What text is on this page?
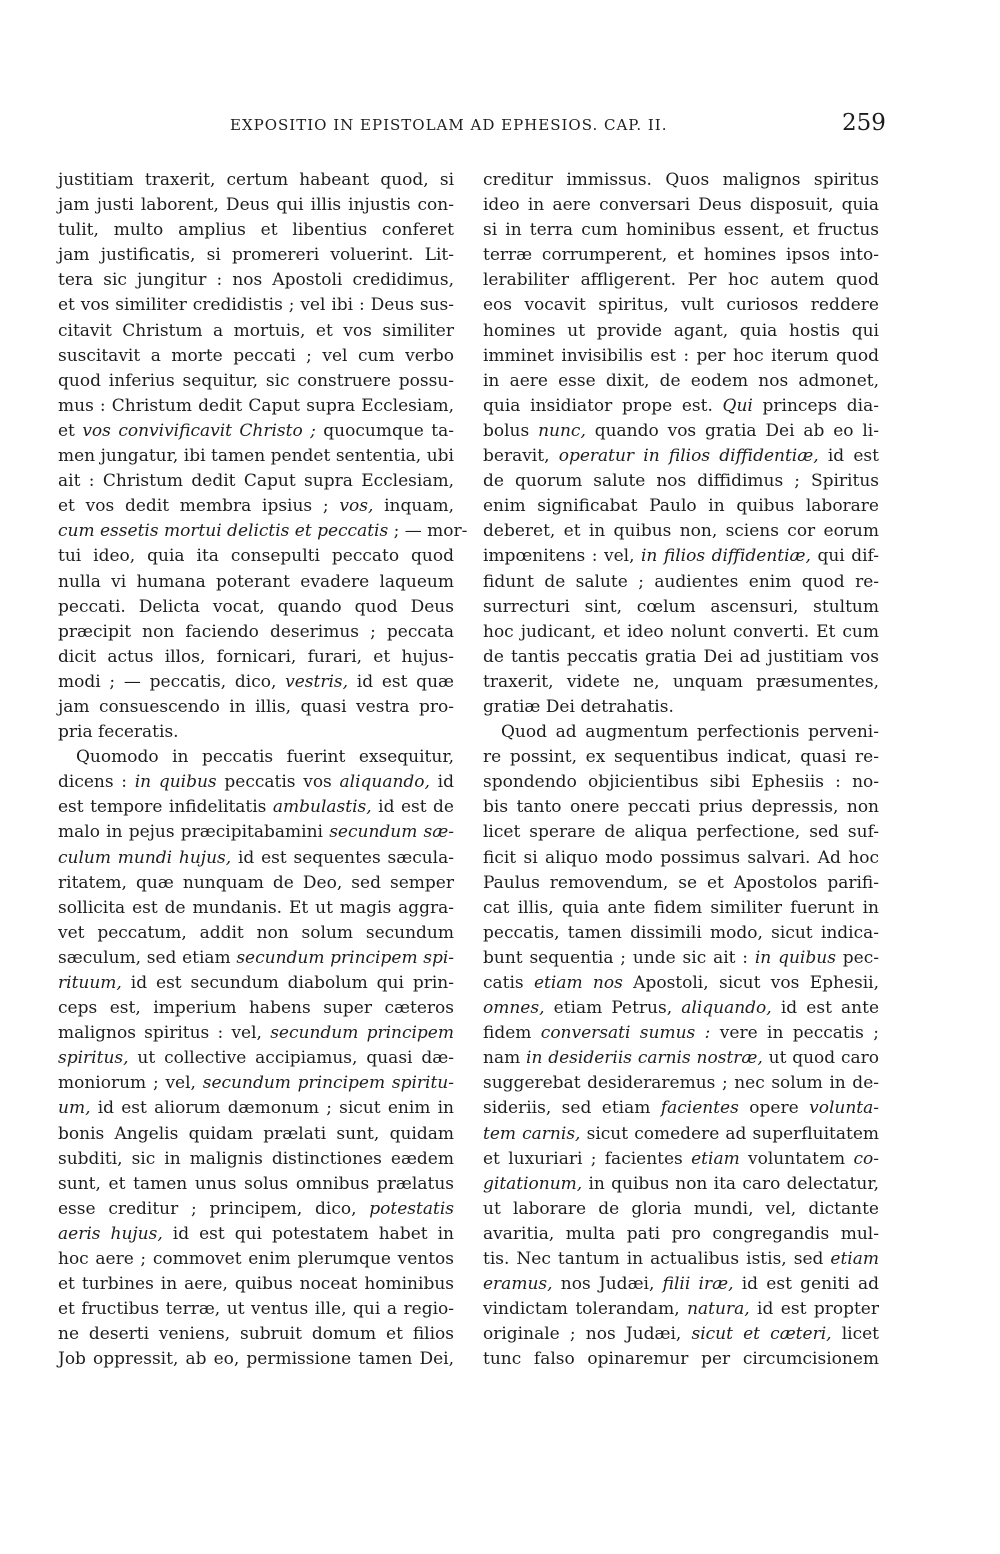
EXPOSITIO IN EPISTOLAM AD EPHESIOS. CAP. II.	259
justitiam traxerit, certum habeant quod, si
jam justi laborent, Deus qui illis injustis con-
tulit, multo amplius et libentius conferet
jam justificatis, si promereri voluerint. Lit-
tera sic jungitur : nos Apostoli credidimus,
et vos similiter credidistis ; vel ibi : Deus sus-
citavit Christum a mortuis, et vos similiter
suscitavit a morte peccati ; vel cum verbo
quod inferius sequitur, sic construere possu-
mus : Christum dedit Caput supra Ecclesiam,
et vos convivificavit Christo ; quocumque ta-
men jungatur, ibi tamen pendet sententia, ubi
ait : Christum dedit Caput supra Ecclesiam,
et vos dedit membra ipsius ; vos, inquam,
cum essetis mortui delictis et peccatis ; — mor-
tui ideo, quia ita consepulti peccato quod
nulla vi humana poterant evadere laqueum
peccati. Delicta vocat, quando quod Deus
præcipit non faciendo deserimus ; peccata
dicit actus illos, fornicari, furari, et hujus-
modi ; — peccatis, dico, vestris, id est quæ
jam consuescendo in illis, quasi vestra pro-
pria feceratis.
Quomodo in peccatis fuerint exsequitur,
dicens : in quibus peccatis vos aliquando, id
est tempore infidelitatis ambulastis, id est de
malo in pejus præcipitabamini secundum sæ-
culum mundi hujus, id est sequentes sæcula-
ritatem, quæ nunquam de Deo, sed semper
sollicita est de mundanis. Et ut magis aggra-
vet peccatum, addit non solum secundum
sæculum, sed etiam secundum principem spi-
rituum, id est secundum diabolum qui prin-
ceps est, imperium habens super cæteros
malignos spiritus : vel, secundum principem
spiritus, ut collective accipiamus, quasi dæ-
moniorum ; vel, secundum principem spiritu-
um, id est aliorum dæmonum ; sicut enim in
bonis Angelis quidam prælati sunt, quidam
subditi, sic in malignis distinctiones eædem
sunt, et tamen unus solus omnibus prælatus
esse creditur ; principem, dico, potestatis
aeris hujus, id est qui potestatem habet in
hoc aere ; commovet enim plerumque ventos
et turbines in aere, quibus noceat hominibus
et fructibus terræ, ut ventus ille, qui a regio-
ne deserti veniens, subruit domum et filios
Job oppressit, ab eo, permissione tamen Dei,
creditur immissus. Quos malignos spiritus
ideo in aere conversari Deus disposuit, quia
si in terra cum hominibus essent, et fructus
terræ corrumperent, et homines ipsos into-
lerabiliter affligerent. Per hoc autem quod
eos vocavit spiritus, vult curiosos reddere
homines ut provide agant, quia hostis qui
imminet invisibilis est : per hoc iterum quod
in aere esse dixit, de eodem nos admonet,
quia insidiator prope est. Qui princeps dia-
bolus nunc, quando vos gratia Dei ab eo li-
beravit, operatur in filios diffidentiæ, id est
de quorum salute nos diffidimus ; Spiritus
enim significabat Paulo in quibus laborare
deberet, et in quibus non, sciens cor eorum
impœnitens : vel, in filios diffidentiæ, qui dif-
fidunt de salute ; audientes enim quod re-
surrecturi sint, cœlum ascensuri, stultum
hoc judicant, et ideo nolunt converti. Et cum
de tantis peccatis gratia Dei ad justitiam vos
traxerit, videte ne, unquam præsumentes,
gratiæ Dei detrahatis.
Quod ad augmentum perfectionis perveni-
re possint, ex sequentibus indicat, quasi re-
spondendo objicientibus sibi Ephesiis : no-
bis tanto onere peccati prius depressis, non
licet sperare de aliqua perfectione, sed suf-
ficit si aliquo modo possimus salvari. Ad hoc
Paulus removendum, se et Apostolos parifi-
cat illis, quia ante fidem similiter fuerunt in
peccatis, tamen dissimili modo, sicut indica-
bunt sequentia ; unde sic ait : in quibus pec-
catis etiam nos Apostoli, sicut vos Ephesii,
omnes, etiam Petrus, aliquando, id est ante
fidem conversati sumus : vere in peccatis ;
nam in desideriis carnis nostræ, ut quod caro
suggerebat desideraremus ; nec solum in de-
sideriis, sed etiam facientes opere volunta-
tem carnis, sicut comedere ad superfluitatem
et luxuriari ; facientes etiam voluntatem co-
gitationum, in quibus non ita caro delectatur,
ut laborare de gloria mundi, vel, dictante
avaritia, multa pati pro congregandis mul-
tis. Nec tantum in actualibus istis, sed etiam
eramus, nos Judæi, filii iræ, id est geniti ad
vindictam tolerandam, natura, id est propter
originale ; nos Judæi, sicut et cæteri, licet
tunc falso opinaremur per circumcisionem
